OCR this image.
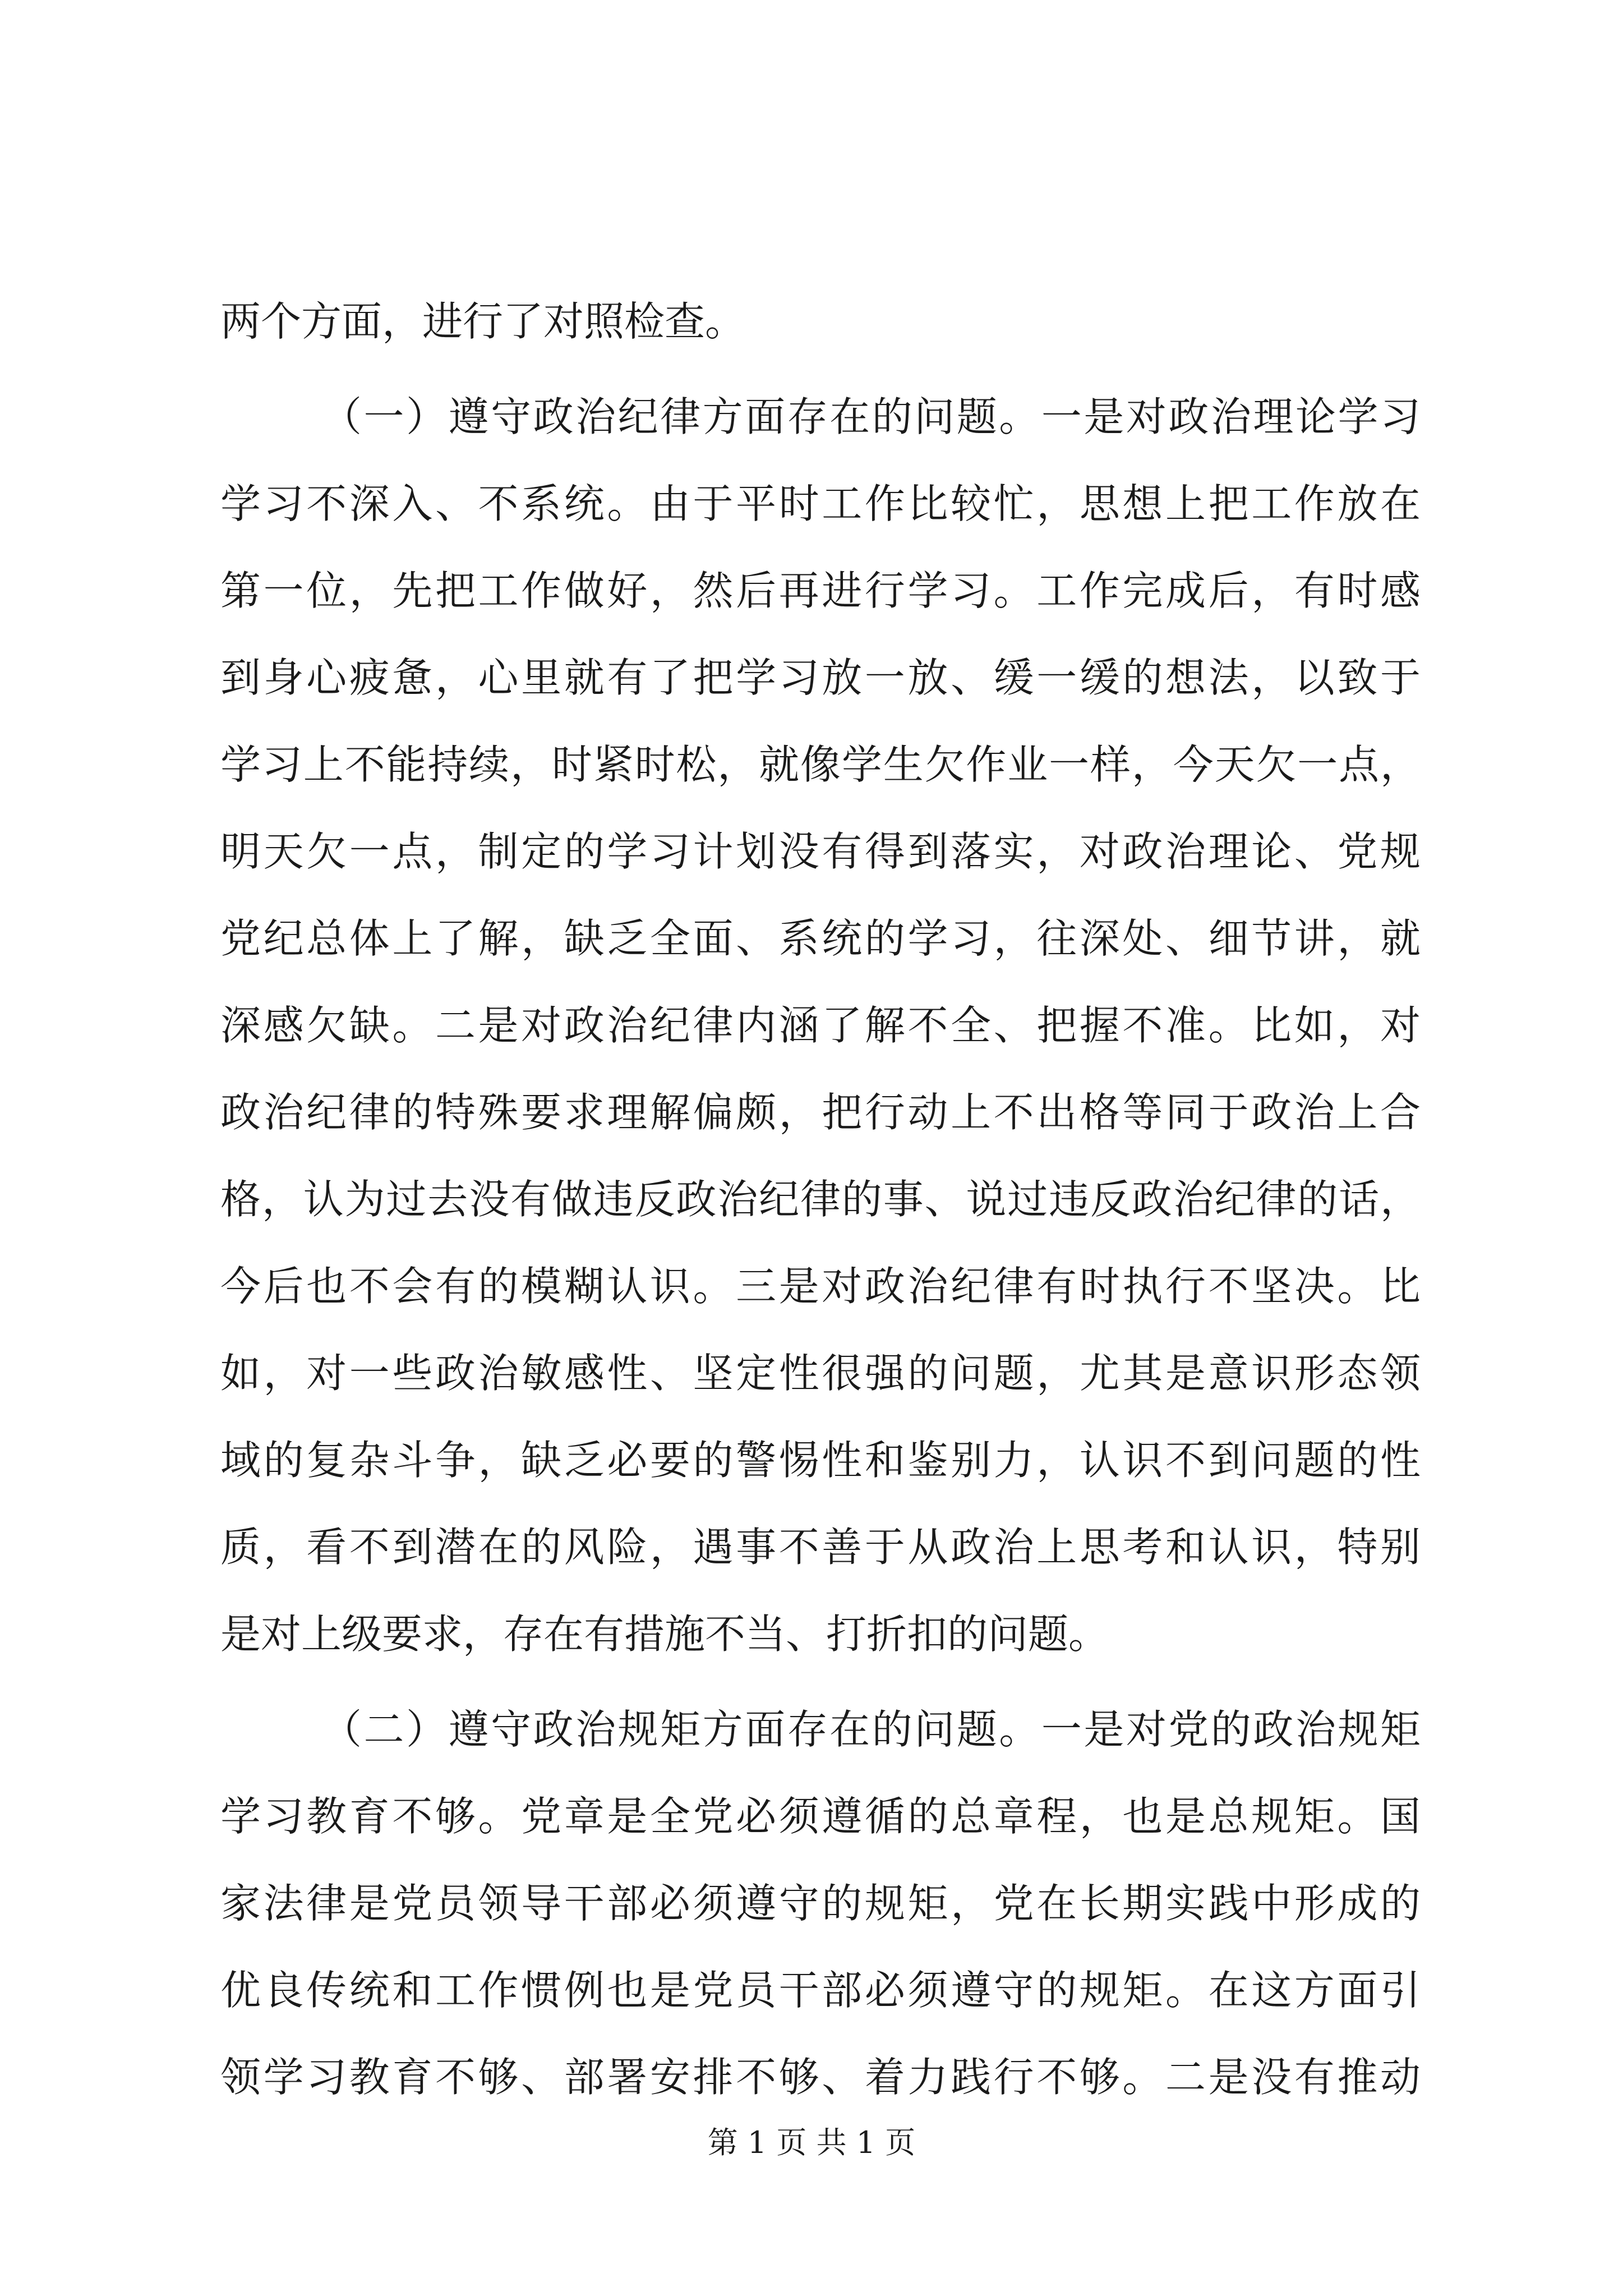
两个方面，进行了对照检查。
（一）遵守政治纪律方面存在的问题。一是对政治理论学习
学习不深入、不系统。由于平时工作比较忙，思想上把工作放在
第一位，先把工作做好，然后再进行学习。工作完成后，有时感
到身心疲惫，心里就有了把学习放一放、缓一缓的想法，以致于
学习上不能持续，时紧时松，就像学生欠作业一样，今天欠一点，
明天欠一点，制定的学习计划没有得到落实，对政治理论、党规
党纪总体上了解，缺乏全面、系统的学习，往深处、细节讲，就
深感欠缺。二是对政治纪律内涵了解不全、把握不准。比如，对
政治纪律的特殊要求理解偏颇，把行动上不出格等同于政治上合
格，认为过去没有做违反政治纪律的事、说过违反政治纪律的话，
今后也不会有的模糊认识。三是对政治纪律有时执行不坚决。比
如，对一些政治敏感性、坚定性很强的问题，尤其是意识形态领
域的复杂斗争，缺乏必要的警惕性和鉴别力，认识不到问题的性
质，看不到潜在的风险，遇事不善于从政治上思考和认识，特别
是对上级要求，存在有措施不当、打折扣的问题。
（二）遵守政治规矩方面存在的问题。一是对党的政治规矩
学习教育不够。党章是全党必须遵循的总章程，也是总规矩。国
家法律是党员领导干部必须遵守的规矩，党在长期实践中形成的
优良传统和工作惯例也是党员干部必须遵守的规矩。在这方面引
领学习教育不够、部署安排不够、着力践行不够。二是没有推动
第 1 页 共 1 页
